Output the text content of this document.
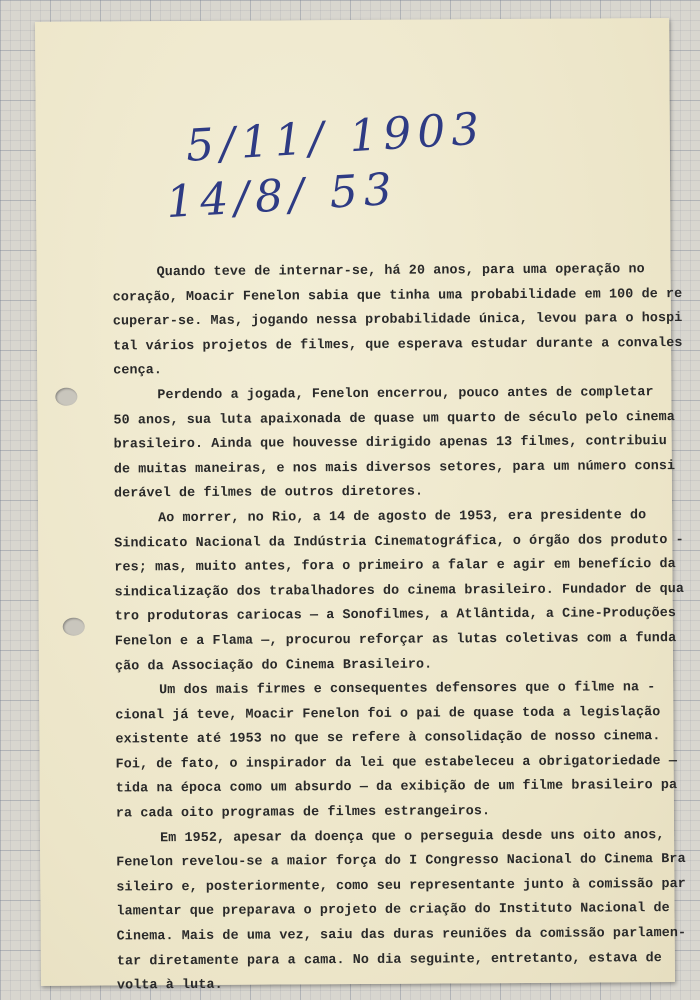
5/11/ 1903
14/8/ 53
Quando teve de internar-se, há 20 anos, para uma operação no
coração, Moacir Fenelon sabia que tinha uma probabilidade em 100 de re
cuperar-se. Mas, jogando nessa probabilidade única, levou para o hospi
tal vários projetos de filmes, que esperava estudar durante a convales
cença.
Perdendo a jogada, Fenelon encerrou, pouco antes de completar
50 anos, sua luta apaixonada de quase um quarto de século pelo cinema
brasileiro. Ainda que houvesse dirigido apenas 13 filmes, contribuiu
de muitas maneiras, e nos mais diversos setores, para um número consi
derável de filmes de outros diretores.
Ao morrer, no Rio, a 14 de agosto de 1953, era presidente do
Sindicato Nacional da Indústria Cinematográfica, o órgão dos produto -
res; mas, muito antes, fora o primeiro a falar e agir em benefício da
sindicalização dos trabalhadores do cinema brasileiro. Fundador de qua
tro produtoras cariocas — a Sonofilmes, a Atlântida, a Cine-Produções
Fenelon e a Flama —, procurou reforçar as lutas coletivas com a funda
ção da Associação do Cinema Brasileiro.
Um dos mais firmes e consequentes defensores que o filme na -
cional já teve, Moacir Fenelon foi o pai de quase toda a legislação
existente até 1953 no que se refere à consolidação de nosso cinema.
Foi, de fato, o inspirador da lei que estabeleceu a obrigatoriedade —
tida na época como um absurdo — da exibição de um filme brasileiro pa
ra cada oito programas de filmes estrangeiros.
Em 1952, apesar da doença que o perseguia desde uns oito anos,
Fenelon revelou-se a maior força do I Congresso Nacional do Cinema Bra
sileiro e, posteriormente, como seu representante junto à comissão par
lamentar que preparava o projeto de criação do Instituto Nacional de
Cinema. Mais de uma vez, saiu das duras reuniões da comissão parlamen-
tar diretamente para a cama. No dia seguinte, entretanto, estava de
volta à luta.
